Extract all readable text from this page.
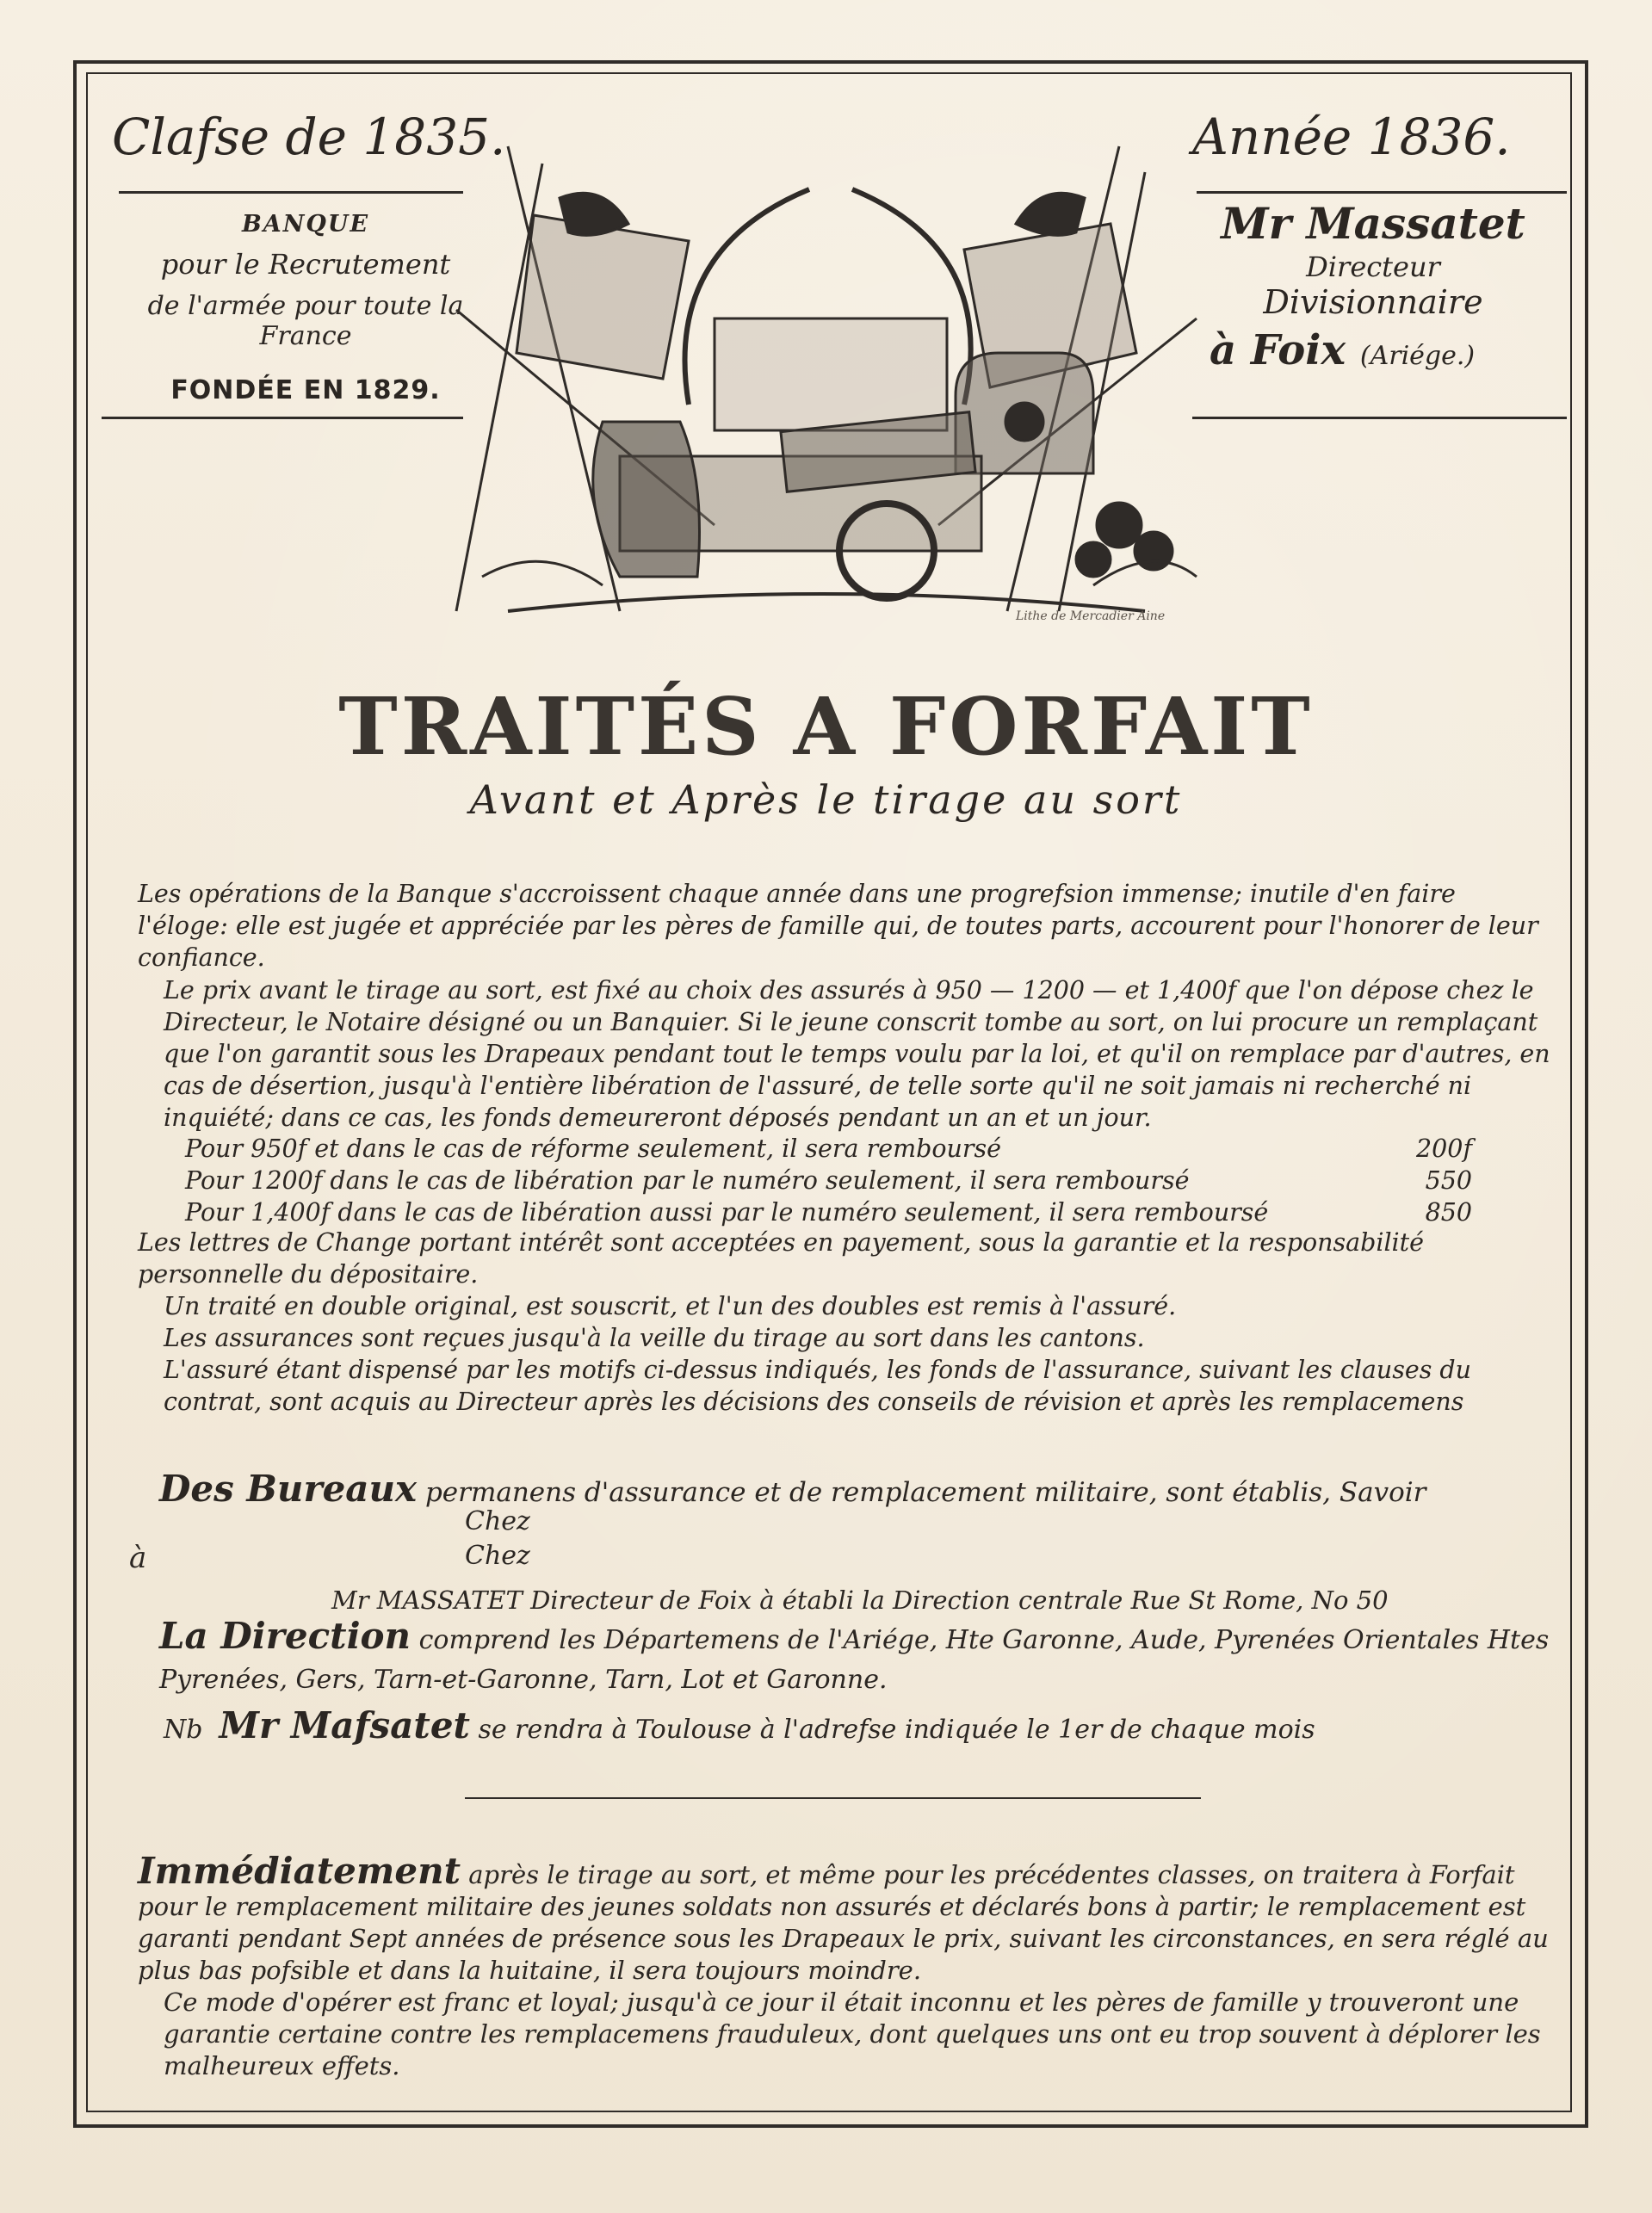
Clafse de 1835.
BANQUE
pour le Recrutement
de l'armée pour toute la France
FONDÉE EN 1829.
Année 1836.
Mr Massatet
Directeur
Divisionnaire
à Foix (Ariége.)
Lithe de Mercadier Aine
TRAITÉS A FORFAIT
Avant et Après le tirage au sort
Les opérations de la Banque s'accroissent chaque année dans une progrefsion immense; inutile d'en faire l'éloge: elle est jugée et appréciée par les pères de famille qui, de toutes parts, accourent pour l'honorer de leur confiance.
Le prix avant le tirage au sort, est fixé au choix des assurés à 950 — 1200 — et 1,400f que l'on dépose chez le Directeur, le Notaire désigné ou un Banquier. Si le jeune conscrit tombe au sort, on lui procure un remplaçant que l'on garantit sous les Drapeaux pendant tout le temps voulu par la loi, et qu'il on remplace par d'autres, en cas de désertion, jusqu'à l'entière libération de l'assuré, de telle sorte qu'il ne soit jamais ni recherché ni inquiété; dans ce cas, les fonds demeureront déposés pendant un an et un jour.
Pour 950f et dans le cas de réforme seulement, il sera remboursé	200f
Pour 1200f dans le cas de libération par le numéro seulement, il sera remboursé	550
Pour 1,400f dans le cas de libération aussi par le numéro seulement, il sera remboursé	850
Les lettres de Change portant intérêt sont acceptées en payement, sous la garantie et la responsabilité personnelle du dépositaire.
Un traité en double original, est souscrit, et l'un des doubles est remis à l'assuré.
Les assurances sont reçues jusqu'à la veille du tirage au sort dans les cantons.
L'assuré étant dispensé par les motifs ci-dessus indiqués, les fonds de l'assurance, suivant les clauses du contrat, sont acquis au Directeur après les décisions des conseils de révision et après les remplacemens
Des Bureaux permanens d'assurance et de remplacement militaire, sont établis, Savoir
à
Chez
Chez
Mr MASSATET Directeur de Foix à établi la Direction centrale Rue St Rome, No 50
La Direction comprend les Départemens de l'Ariége, Hte Garonne, Aude, Pyrenées Orientales Htes Pyrenées, Gers, Tarn-et-Garonne, Tarn, Lot et Garonne.
Nb Mr Mafsatet se rendra à Toulouse à l'adrefse indiquée le 1er de chaque mois
Immédiatement après le tirage au sort, et même pour les précédentes classes, on traitera à Forfait pour le remplacement militaire des jeunes soldats non assurés et déclarés bons à partir; le remplacement est garanti pendant Sept années de présence sous les Drapeaux le prix, suivant les circonstances, en sera réglé au plus bas pofsible et dans la huitaine, il sera toujours moindre.
Ce mode d'opérer est franc et loyal; jusqu'à ce jour il était inconnu et les pères de famille y trouveront une garantie certaine contre les remplacemens frauduleux, dont quelques uns ont eu trop souvent à déplorer les malheureux effets.
